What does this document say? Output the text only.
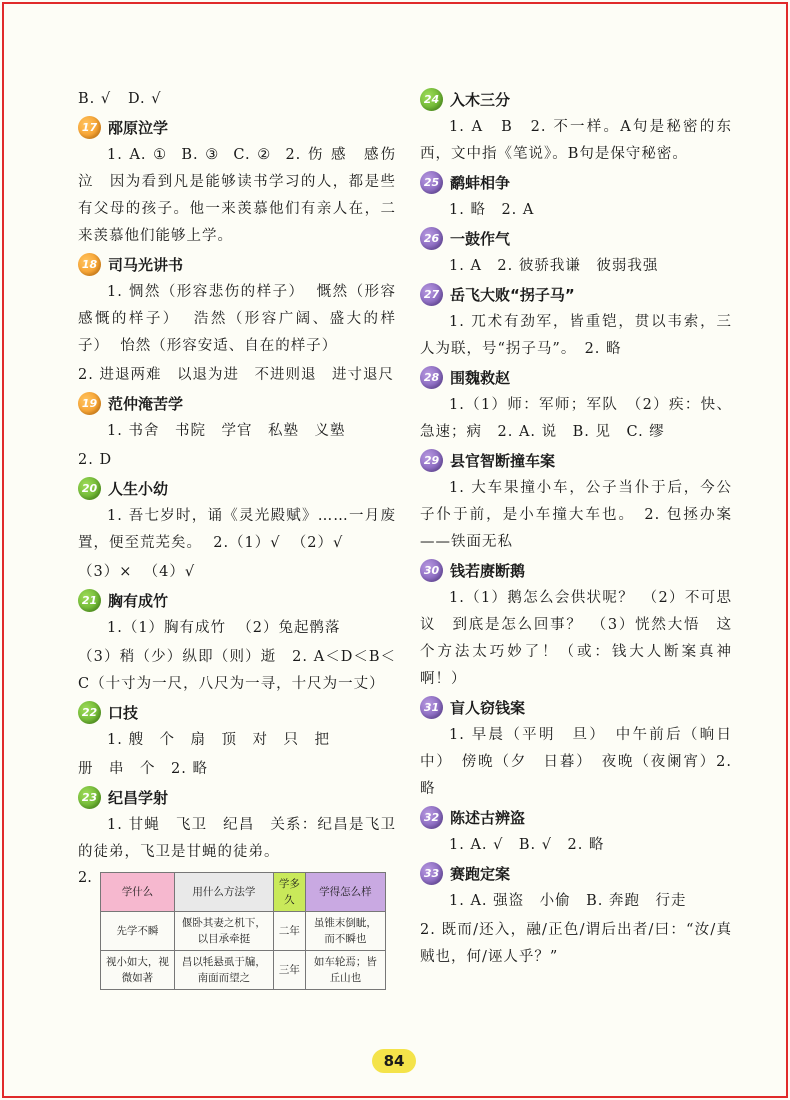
B. √   D. √

17 邴原泣学

1. A. ①  B. ③  C. ②  2. 伤 感　感伤 泣　因为看到凡是能够读书学习的人，都是些有父母的孩子。他一来羡慕他们有亲人在，二来羡慕他们能够上学。

18 司马光讲书

1. 惆然（形容悲伤的样子）  慨然（形容感慨的样子）  浩然（形容广阔、盛大的样子）  怡然（形容安适、自在的样子）

2. 进退两难　以退为进　不进则退　进寸退尺

19 范仲淹苦学

1. 书舍　书院　学官　私塾　义塾

2. D

20 人生小幼

1. 吾七岁时，诵《灵光殿赋》……一月废置，便至荒芜矣。  2.（1）√  （2）√

（3）×  （4）√

21 胸有成竹

1.（1）胸有成竹  （2）兔起鹘落

（3）稍（少）纵即（则）逝　2. A＜D＜B＜C（十寸为一尺，八尺为一寻，十尺为一丈）

22 口技

1. 艘　个　扇　顶　对　只　把

册　串　个　2. 略

23 纪昌学射

1. 甘蝇　飞卫　纪昌　关系：纪昌是飞卫的徒弟，飞卫是甘蝇的徒弟。

2.
学什么	用什么方法学	学多久	学得怎么样
先学不瞬	偃卧其妻之机下，以目承牵挺	二年	虽锥末倒眦，而不瞬也
视小如大，视微如著	昌以牦悬虱于牖，南面而望之	三年	如车轮焉；皆丘山也
24 入木三分

1. A　B　2. 不一样。A句是秘密的东西，文中指《笔说》。B句是保守秘密。

25 鹬蚌相争

1. 略　2. A

26 一鼓作气

1. A　2. 彼骄我谦　彼弱我强

27 岳飞大败“拐子马”

1. 兀术有劲军，皆重铠，贯以韦索，三人为联，号“拐子马”。　2. 略

28 围魏救赵

1.（1）师：军师；军队　（2）疾：快、急速；病　2. A. 说　B. 见　C. 缪

29 县官智断撞车案

1. 大车果撞小车，公子当仆于后，今公子仆于前，是小车撞大车也。　2. 包拯办案——铁面无私

30 钱若赓断鹅

1.（1）鹅怎么会供状呢？　（2）不可思议　到底是怎么回事？　（3）恍然大悟　这个方法太巧妙了！（或：钱大人断案真神啊！）

31 盲人窃钱案

1. 早晨（平明　旦）　中午前后（晌日中）　傍晚（夕　日暮）　夜晚（夜阑宵）2. 略

32 陈述古辨盗

1. A. √　B. √　2. 略

33 赛跑定案

1. A. 强盗　小偷　B. 奔跑　行走

2. 既而/还入，融/正色/谓后出者/曰：“汝/真贼也，何/诬人乎？”

84
